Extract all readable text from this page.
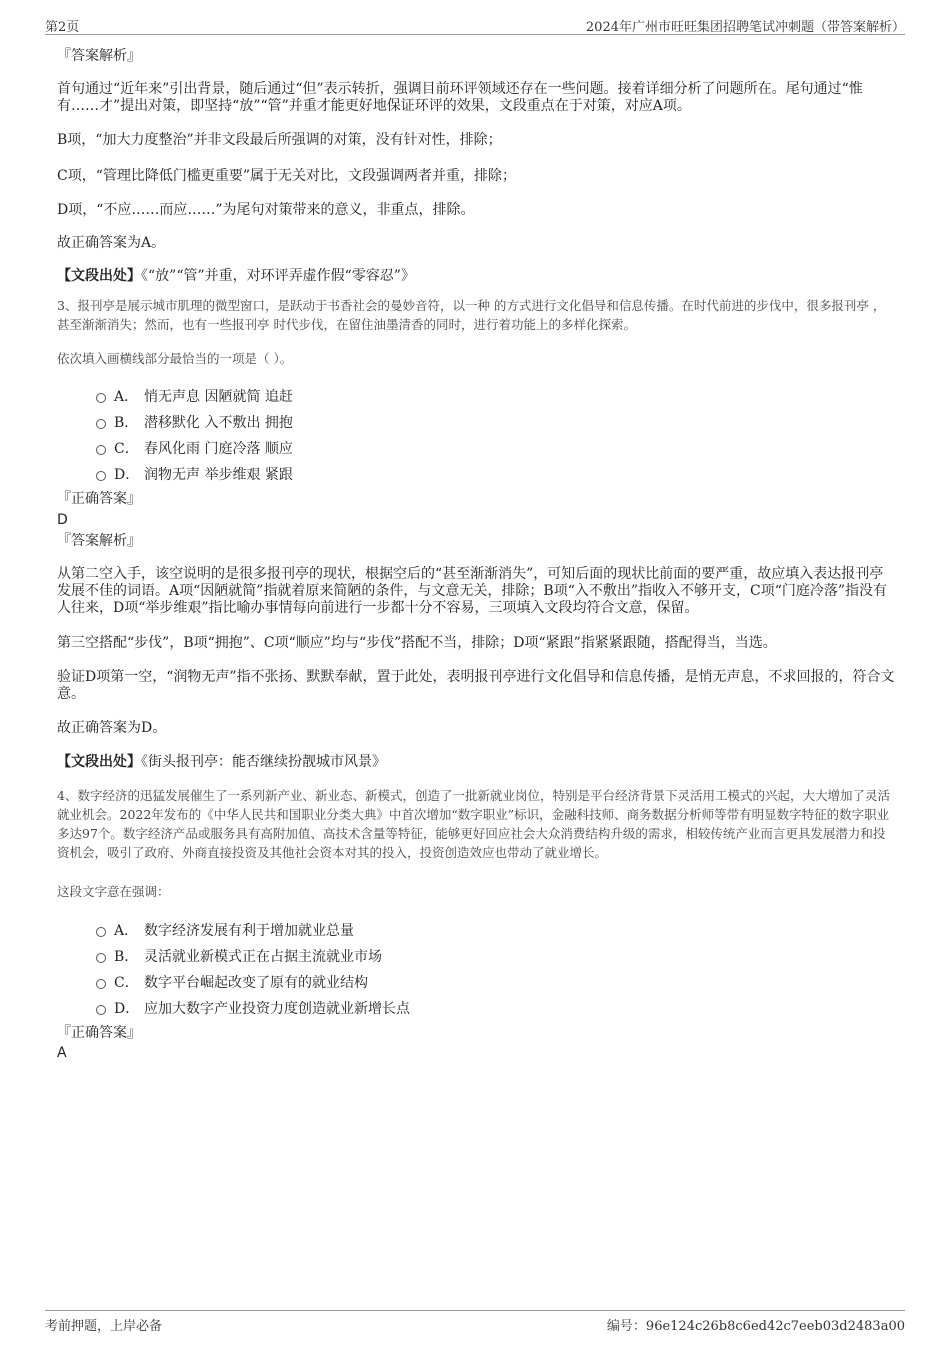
第2页	2024年广州市旺旺集团招聘笔试冲刺题（带答案解析）
『答案解析』
首句通过“近年来”引出背景，随后通过“但”表示转折，强调目前环评领域还存在一些问题。接着详细分析了问题所在。尾句通过“惟有……才”提出对策，即坚持“放”“管”并重才能更好地保证环评的效果，文段重点在于对策，对应A项。
B项，“加大力度整治”并非文段最后所强调的对策，没有针对性，排除；
C项，“管理比降低门槛更重要”属于无关对比，文段强调两者并重，排除；
D项，“不应……而应……”为尾句对策带来的意义，非重点，排除。
故正确答案为A。
【文段出处】《“放”“管”并重，对环评弄虚作假“零容忍”》
3、报刊亭是展示城市肌理的微型窗口，是跃动于书香社会的曼妙音符，以一种 的方式进行文化倡导和信息传播。在时代前进的步伐中，很多报刊亭 ，甚至渐渐消失；然而，也有一些报刊亭 时代步伐，在留住油墨清香的同时，进行着功能上的多样化探索。
依次填入画横线部分最恰当的一项是（ ）。
A． 悄无声息 因陋就简 追赶
B． 潜移默化 入不敷出 拥抱
C． 春风化雨 门庭冷落 顺应
D． 润物无声 举步维艰 紧跟
『正确答案』
D
『答案解析』
从第二空入手，该空说明的是很多报刊亭的现状，根据空后的“甚至渐渐消失”，可知后面的现状比前面的要严重，故应填入表达报刊亭发展不佳的词语。A项“因陋就简”指就着原来简陋的条件，与文意无关，排除；B项“入不敷出”指收入不够开支，C项“门庭冷落”指没有人往来，D项“举步维艰”指比喻办事情每向前进行一步都十分不容易，三项填入文段均符合文意，保留。
第三空搭配“步伐”，B项“拥抱”、C项“顺应”均与“步伐”搭配不当，排除；D项“紧跟”指紧紧跟随，搭配得当，当选。
验证D项第一空，“润物无声”指不张扬、默默奉献，置于此处，表明报刊亭进行文化倡导和信息传播，是悄无声息，不求回报的，符合文意。
故正确答案为D。
【文段出处】《街头报刊亭：能否继续扮靓城市风景》
4、数字经济的迅猛发展催生了一系列新产业、新业态、新模式，创造了一批新就业岗位，特别是平台经济背景下灵活用工模式的兴起，大大增加了灵活就业机会。2022年发布的《中华人民共和国职业分类大典》中首次增加“数字职业”标识，金融科技师、商务数据分析师等带有明显数字特征的数字职业多达97个。数字经济产品或服务具有高附加值、高技术含量等特征，能够更好回应社会大众消费结构升级的需求，相较传统产业而言更具发展潜力和投资机会，吸引了政府、外商直接投资及其他社会资本对其的投入，投资创造效应也带动了就业增长。
这段文字意在强调：
A． 数字经济发展有利于增加就业总量
B． 灵活就业新模式正在占据主流就业市场
C． 数字平台崛起改变了原有的就业结构
D． 应加大数字产业投资力度创造就业新增长点
『正确答案』
A
考前押题，上岸必备	编号：96e124c26b8c6ed42c7eeb03d2483a00
